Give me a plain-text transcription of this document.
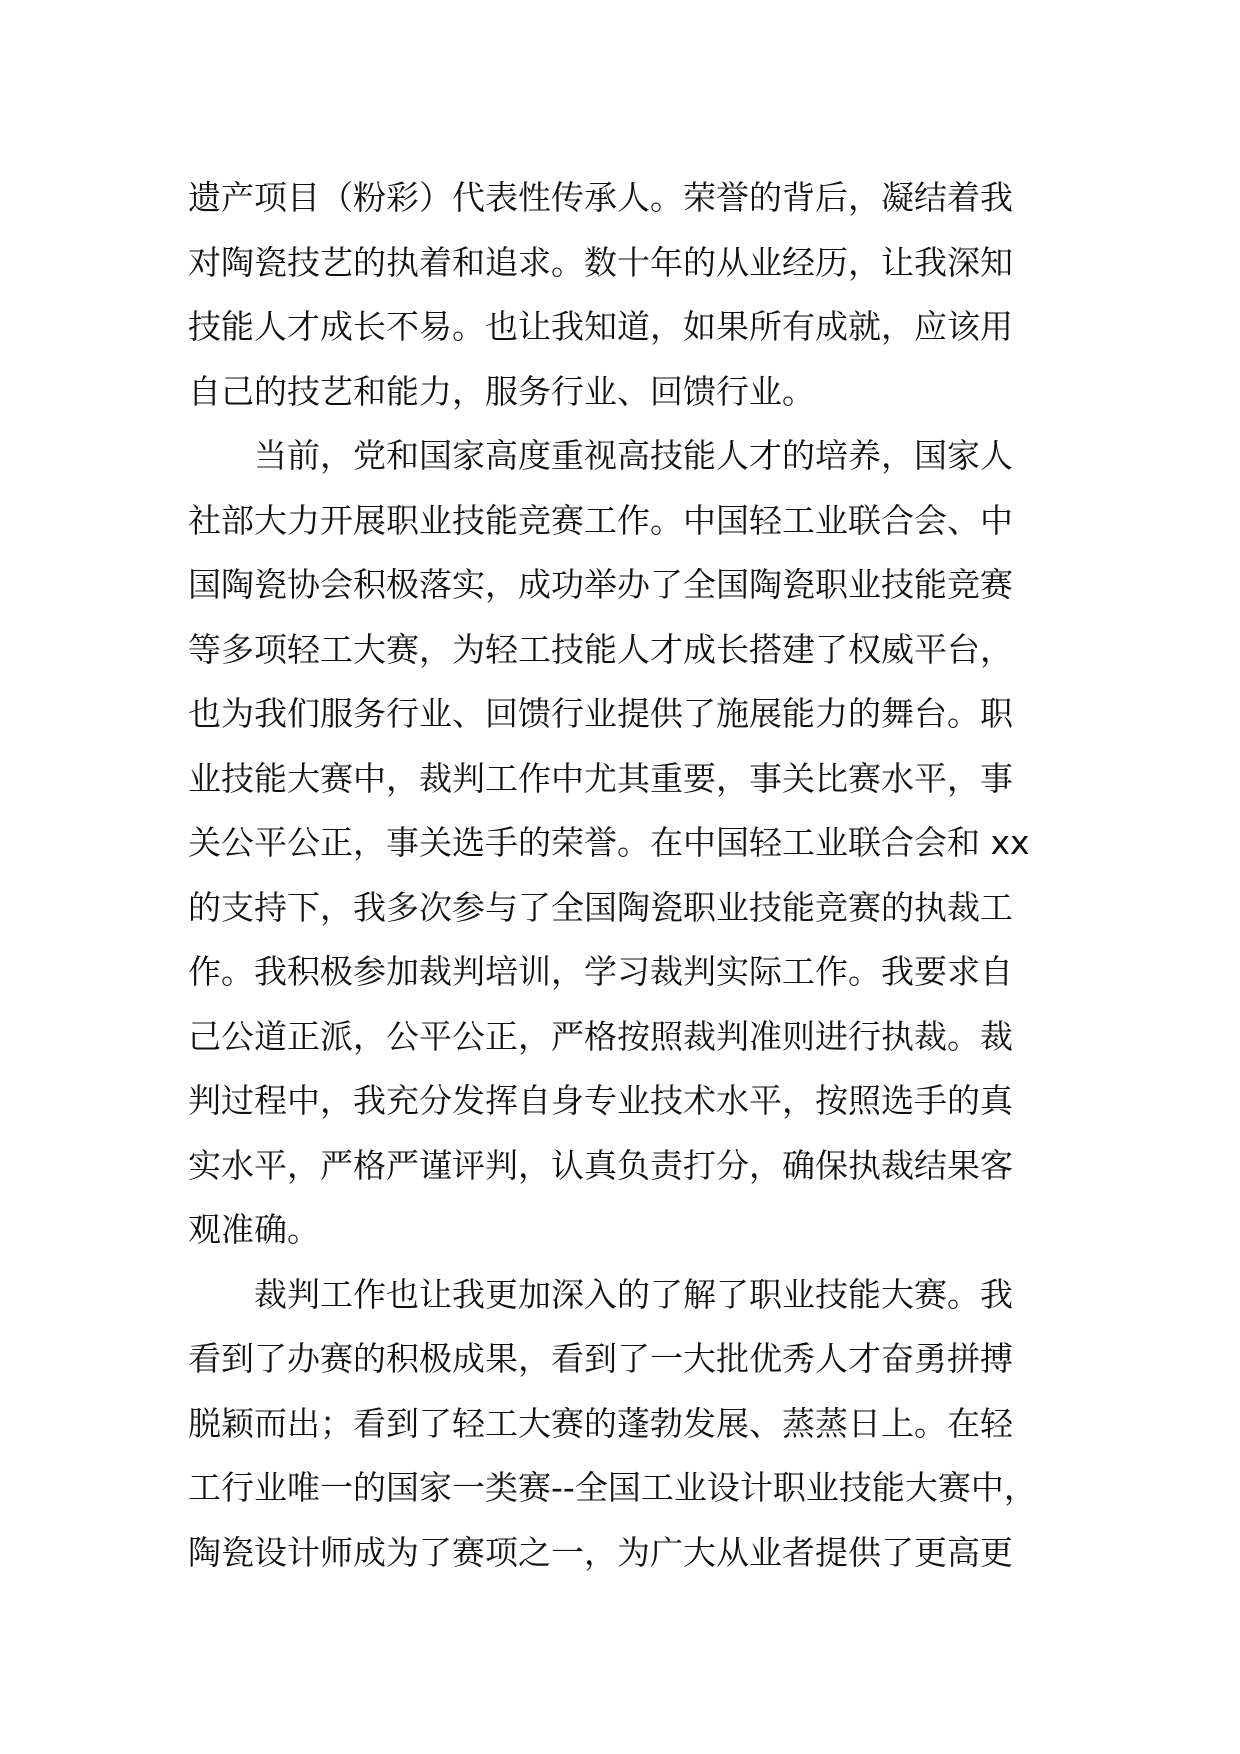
遗产项目（粉彩）代表性传承人。荣誉的背后，凝结着我
对陶瓷技艺的执着和追求。数十年的从业经历，让我深知
技能人才成长不易。也让我知道，如果所有成就，应该用
自己的技艺和能力，服务行业、回馈行业。
　　当前，党和国家高度重视高技能人才的培养，国家人
社部大力开展职业技能竞赛工作。中国轻工业联合会、中
国陶瓷协会积极落实，成功举办了全国陶瓷职业技能竞赛
等多项轻工大赛，为轻工技能人才成长搭建了权威平台，
也为我们服务行业、回馈行业提供了施展能力的舞台。职
业技能大赛中，裁判工作中尤其重要，事关比赛水平，事
关公平公正，事关选手的荣誉。在中国轻工业联合会和 xx
的支持下，我多次参与了全国陶瓷职业技能竞赛的执裁工
作。我积极参加裁判培训，学习裁判实际工作。我要求自
己公道正派，公平公正，严格按照裁判准则进行执裁。裁
判过程中，我充分发挥自身专业技术水平，按照选手的真
实水平，严格严谨评判，认真负责打分，确保执裁结果客
观准确。
　　裁判工作也让我更加深入的了解了职业技能大赛。我
看到了办赛的积极成果，看到了一大批优秀人才奋勇拼搏
脱颖而出；看到了轻工大赛的蓬勃发展、蒸蒸日上。在轻
工行业唯一的国家一类赛--全国工业设计职业技能大赛中，
陶瓷设计师成为了赛项之一，为广大从业者提供了更高更
